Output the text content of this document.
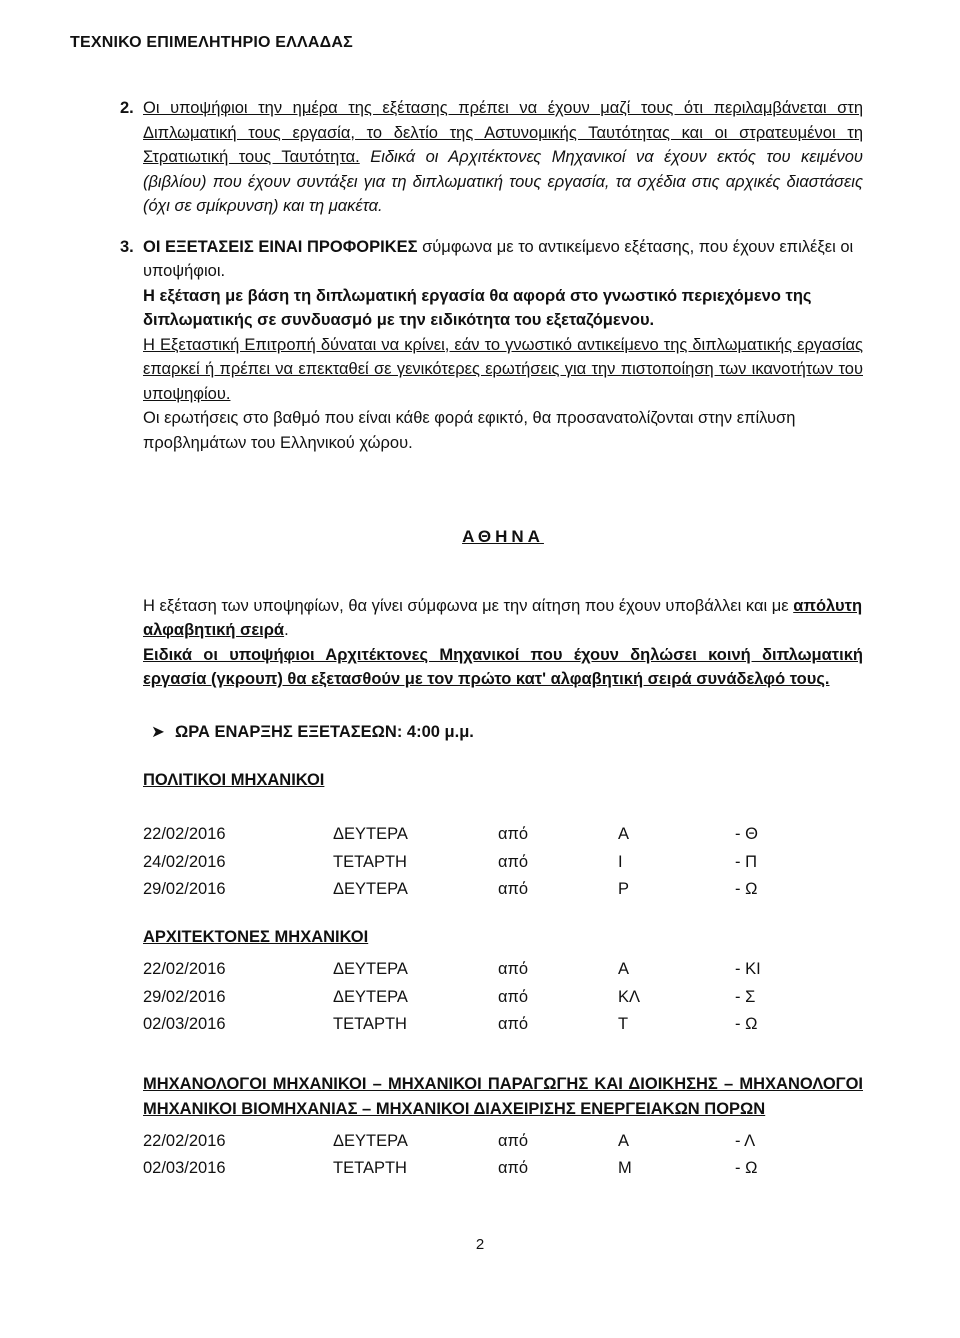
ΤΕΧΝΙΚΟ ΕΠΙΜΕΛΗΤΗΡΙΟ ΕΛΛΑΔΑΣ
2. Οι υποψήφιοι την ημέρα της εξέτασης πρέπει να έχουν μαζί τους ότι περιλαμβάνεται στη Διπλωματική τους εργασία, το δελτίο της Αστυνομικής Ταυτότητας και οι στρατευμένοι τη Στρατιωτική τους Ταυτότητα. Ειδικά οι Αρχιτέκτονες Μηχανικοί να έχουν εκτός του κειμένου (βιβλίου) που έχουν συντάξει για τη διπλωματική τους εργασία, τα σχέδια στις αρχικές διαστάσεις (όχι σε σμίκρυνση) και τη μακέτα.
3. ΟΙ ΕΞΕΤΑΣΕΙΣ ΕΙΝΑΙ ΠΡΟΦΟΡΙΚΕΣ σύμφωνα με το αντικείμενο εξέτασης, που έχουν επιλέξει οι υποψήφιοι.
Η εξέταση με βάση τη διπλωματική εργασία θα αφορά στο γνωστικό περιεχόμενο της διπλωματικής σε συνδυασμό με την ειδικότητα του εξεταζόμενου.
Η Εξεταστική Επιτροπή δύναται να κρίνει, εάν το γνωστικό αντικείμενο της διπλωματικής εργασίας επαρκεί ή πρέπει να επεκταθεί σε γενικότερες ερωτήσεις για την πιστοποίηση των ικανοτήτων του υποψηφίου.
Οι ερωτήσεις στο βαθμό που είναι κάθε φορά εφικτό, θα προσανατολίζονται στην επίλυση προβλημάτων του Ελληνικού χώρου.
ΑΘΗΝΑ
Η εξέταση των υποψηφίων, θα γίνει σύμφωνα με την αίτηση που έχουν υποβάλλει και με απόλυτη αλφαβητική σειρά.
Ειδικά οι υποψήφιοι Αρχιτέκτονες Μηχανικοί που έχουν δηλώσει κοινή διπλωματική εργασία (γκρουπ) θα εξετασθούν με τον πρώτο κατ' αλφαβητική σειρά συνάδελφό τους.
➤ ΩΡΑ ΕΝΑΡΞΗΣ ΕΞΕΤΑΣΕΩΝ: 4:00 μ.μ.
ΠΟΛΙΤΙΚΟΙ ΜΗΧΑΝΙΚΟΙ
22/02/2016	ΔΕΥΤΕΡΑ	από	Α	- Θ
24/02/2016	ΤΕΤΑΡΤΗ	από	Ι	- Π
29/02/2016	ΔΕΥΤΕΡΑ	από	Ρ	- Ω
ΑΡΧΙΤΕΚΤΟΝΕΣ ΜΗΧΑΝΙΚΟΙ
22/02/2016	ΔΕΥΤΕΡΑ	από	Α	- ΚΙ
29/02/2016	ΔΕΥΤΕΡΑ	από	ΚΛ	- Σ
02/03/2016	ΤΕΤΑΡΤΗ	από	Τ	- Ω
ΜΗΧΑΝΟΛΟΓΟΙ ΜΗΧΑΝΙΚΟΙ – ΜΗΧΑΝΙΚΟΙ ΠΑΡΑΓΩΓΗΣ ΚΑΙ ΔΙΟΙΚΗΣΗΣ – ΜΗΧΑΝΟΛΟΓΟΙ ΜΗΧΑΝΙΚΟΙ ΒΙΟΜΗΧΑΝΙΑΣ – ΜΗΧΑΝΙΚΟΙ ΔΙΑΧΕΙΡΙΣΗΣ ΕΝΕΡΓΕΙΑΚΩΝ ΠΟΡΩΝ
22/02/2016	ΔΕΥΤΕΡΑ	από	Α	- Λ
02/03/2016	ΤΕΤΑΡΤΗ	από	Μ	- Ω
2
